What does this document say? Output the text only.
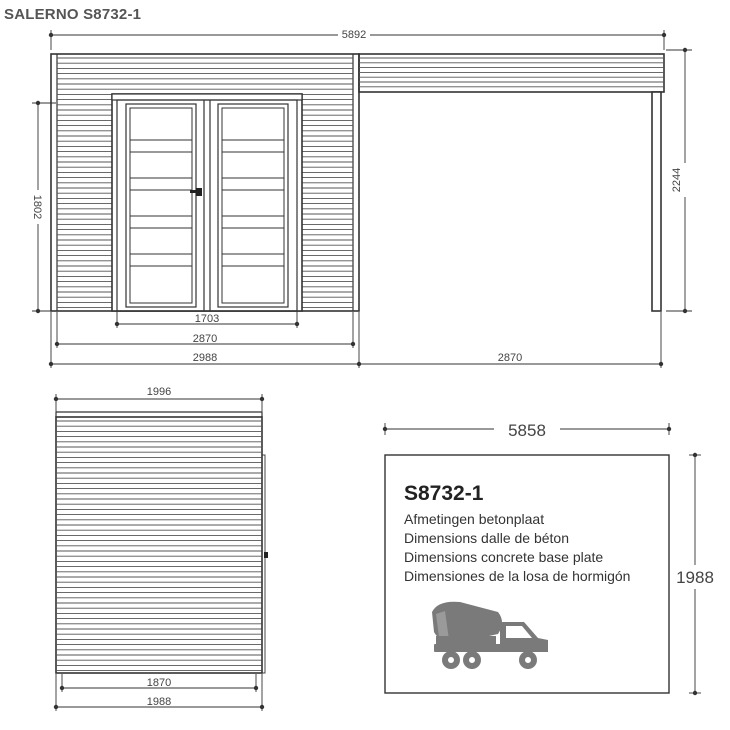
SALERNO S8732-1
5892
1802
2244
1703
2870
2988	2870
1996
1870
1988
5858
1988
S8732-1
Afmetingen betonplaat
Dimensions dalle de béton
Dimensions concrete base plate
Dimensiones de la losa de hormigón
